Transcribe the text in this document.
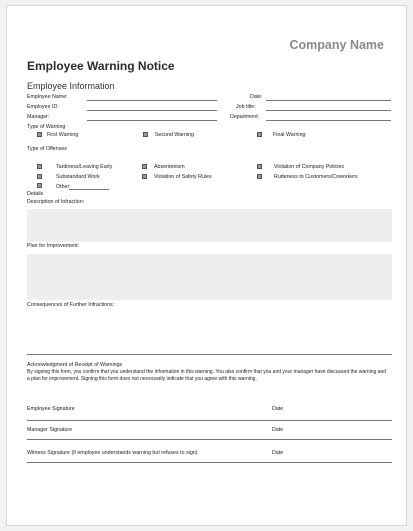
Company Name
Employee Warning Notice
Employee Information
Employee Name:	Date:
Employee ID:	Job title:
Manager:	Department:
Type of Warning
First Warning	Second Warning	Final Warning
Type of Offenses
Tardiness/Leaving Early	Absenteeism	Violation of Company Policies
Substandard Work	Violation of Safety Rules	Rudeness to Customers/Coworkers
Other:
Details
Description of Infraction:
Plan for Improvement:
Consequences of Further Infractions:
Acknowledgment of Receipt of Warnings
By signing this form, you confirm that you understand the information in this warning. You also confirm that you and your manager have discussed the warning and a plan for improvement. Signing this form does not necessarily indicate that you agree with this warning.
Employee Signature	Date
Manager Signature	Date
Witness Signature (if employee understands warning but refuses to sign)	Date
